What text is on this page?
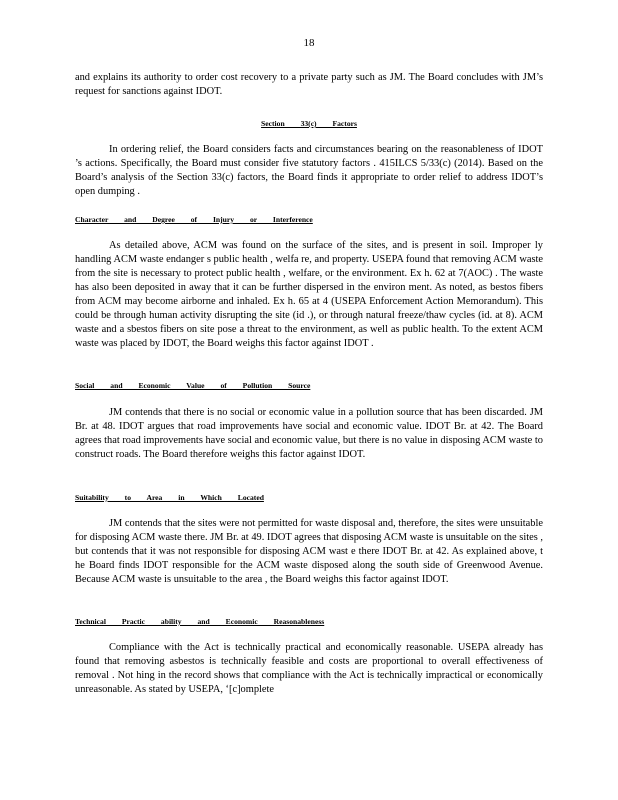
18
and explains its authority to order cost recovery to a private party such as JM. The Board concludes with JM’s request for sanctions against IDOT.
Section 33(c) Factors
In ordering relief, the Board considers facts and circumstances bearing on the reasonableness of IDOT ’s actions. Specifically, the Board must consider five statutory factors . 415ILCS 5/33(c) (2014). Based on the Board’s analysis of the Section 33(c) factors, the Board finds it appropriate to order relief to address IDOT’s open dumping .
Character and Degree of Injury or Interference
As detailed above, ACM was found on the surface of the sites, and is present in soil. Improper ly handling ACM waste endanger s public health , welfa re, and property. USEPA found that removing ACM waste from the site is necessary to protect public health , welfare, or the environment. Ex h. 62 at 7(AOC) . The waste has also been deposited in away that it can be further dispersed in the environ ment. As noted, as bestos fibers from ACM may become airborne and inhaled. Ex h. 65 at 4 (USEPA Enforcement Action Memorandum). This could be through human activity disrupting the site (id .), or through natural freeze/thaw cycles (id. at 8). ACM waste and a sbestos fibers on site pose a threat to the environment, as well as public health. To the extent ACM waste was placed by IDOT, the Board weighs this factor against IDOT .
Social and Economic Value of Pollution Source
JM contends that there is no social or economic value in a pollution source that has been discarded. JM Br. at 48. IDOT argues that road improvements have social and economic value. IDOT Br. at 42. The Board agrees that road improvements have social and economic value, but there is no value in disposing ACM waste to construct roads. The Board therefore weighs this factor against IDOT.
Suitability to Area in Which Located
JM contends that the sites were not permitted for waste disposal and, therefore, the sites were unsuitable for disposing ACM waste there. JM Br. at 49. IDOT agrees that disposing ACM waste is unsuitable on the sites , but contends that it was not responsible for disposing ACM wast e there IDOT Br. at 42. As explained above, t he Board finds IDOT responsible for the ACM waste disposed along the south side of Greenwood Avenue. Because ACM waste is unsuitable to the area , the Board weighs this factor against IDOT.
Technical Practic ability and Economic Reasonableness
Compliance with the Act is technically practical and economically reasonable. USEPA already has found that removing asbestos is technically feasible and costs are proportional to overall effectiveness of removal . Not hing in the record shows that compliance with the Act is technically impractical or economically unreasonable. As stated by USEPA, ‘[c]omplete
